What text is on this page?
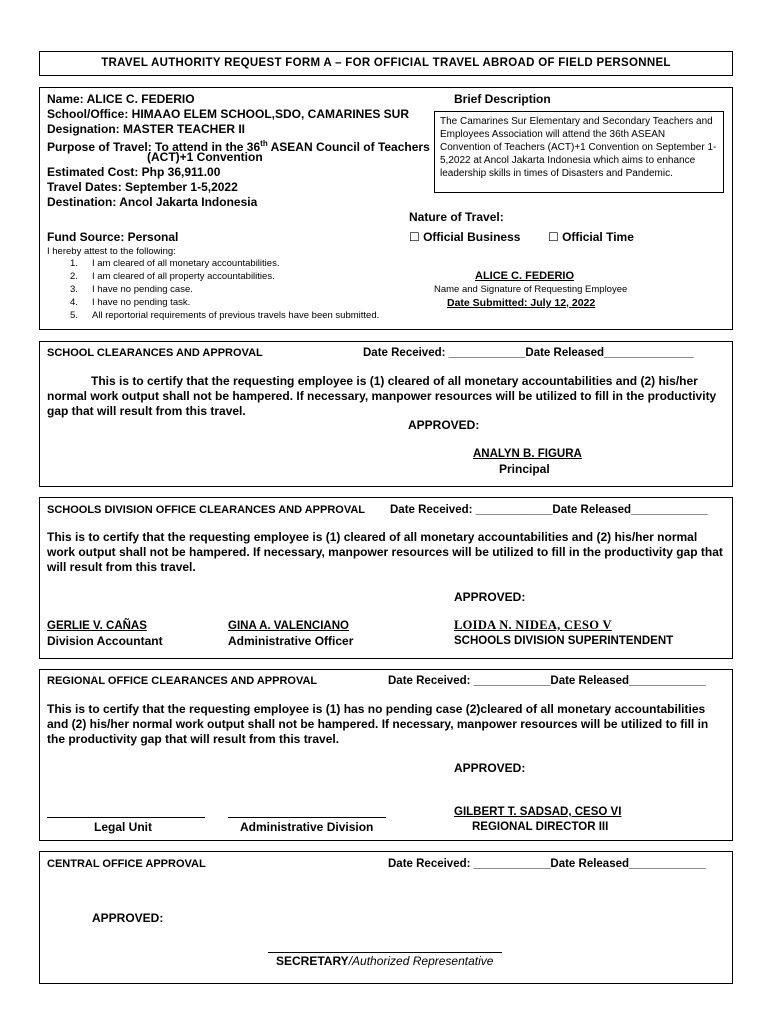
TRAVEL AUTHORITY REQUEST FORM A – FOR OFFICIAL TRAVEL ABROAD OF FIELD PERSONNEL
Name: ALICE C. FEDERIO
School/Office: HIMAAO ELEM SCHOOL,SDO, CAMARINES SUR
Designation: MASTER TEACHER II
Purpose of Travel: To attend in the 36th ASEAN Council of Teachers
(ACT)+1 Convention
Estimated Cost: Php 36,911.00
Travel Dates: September 1-5,2022
Destination: Ancol Jakarta Indonesia
Fund Source: Personal
I hereby attest to the following:
1. I am cleared of all monetary accountabilities.
2. I am cleared of all property accountabilities.
3. I have no pending case.
4. I have no pending task.
5. All reportorial requirements of previous travels have been submitted.
Brief Description
The Camarines Sur Elementary and Secondary Teachers and Employees Association will attend the 36th ASEAN Convention of Teachers (ACT)+1 Convention on September 1-5,2022 at Ancol Jakarta Indonesia which aims to enhance leadership skills in times of Disasters and Pandemic.
Nature of Travel:
☐ Official Business ☐ Official Time
ALICE C. FEDERIO
Name and Signature of Requesting Employee
Date Submitted: July 12, 2022
SCHOOL CLEARANCES AND APPROVAL	Date Received: ____________Date Released______________
This is to certify that the requesting employee is (1) cleared of all monetary accountabilities and (2) his/her normal work output shall not be hampered. If necessary, manpower resources will be utilized to fill in the productivity gap that will result from this travel.
APPROVED:
ANALYN B. FIGURA
Principal
SCHOOLS DIVISION OFFICE CLEARANCES AND APPROVAL Date Received: ____________Date Released____________
This is to certify that the requesting employee is (1) cleared of all monetary accountabilities and (2) his/her normal work output shall not be hampered. If necessary, manpower resources will be utilized to fill in the productivity gap that will result from this travel.
APPROVED:
GERLIE V. CAÑAS
Division Accountant
GINA A. VALENCIANO
Administrative Officer
LOIDA N. NIDEA, CESO V
SCHOOLS DIVISION SUPERINTENDENT
REGIONAL OFFICE CLEARANCES AND APPROVAL	Date Received: ____________Date Released____________
This is to certify that the requesting employee is (1) has no pending case (2)cleared of all monetary accountabilities and (2) his/her normal work output shall not be hampered. If necessary, manpower resources will be utilized to fill in the productivity gap that will result from this travel.
APPROVED:
Legal Unit	Administrative Division
GILBERT T. SADSAD, CESO VI
REGIONAL DIRECTOR III
CENTRAL OFFICE APPROVAL	Date Received: ____________Date Released____________
APPROVED:
SECRETARY/Authorized Representative
